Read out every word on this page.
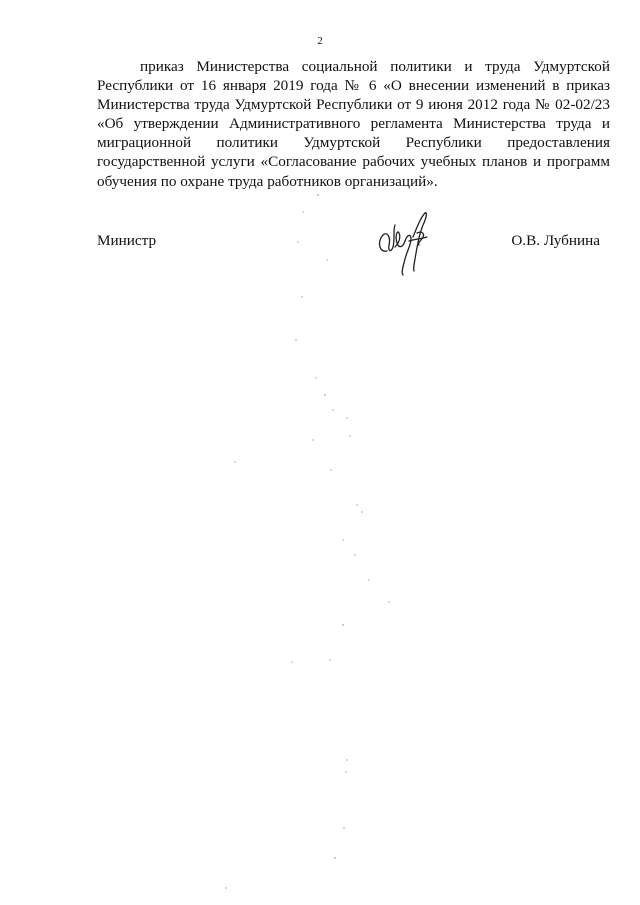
2

приказ Министерства социальной политики и труда Удмуртской Республики от 16 января 2019 года № 6 «О внесении изменений в приказ Министерства труда Удмуртской Республики от 9 июня 2012 года № 02-02/23 «Об утверждении Административного регламента Министерства труда и миграционной политики Удмуртской Республики предоставления государственной услуги «Согласование рабочих учебных планов и программ обучения по охране труда работников организаций».

Министр	О.В. Лубнина
